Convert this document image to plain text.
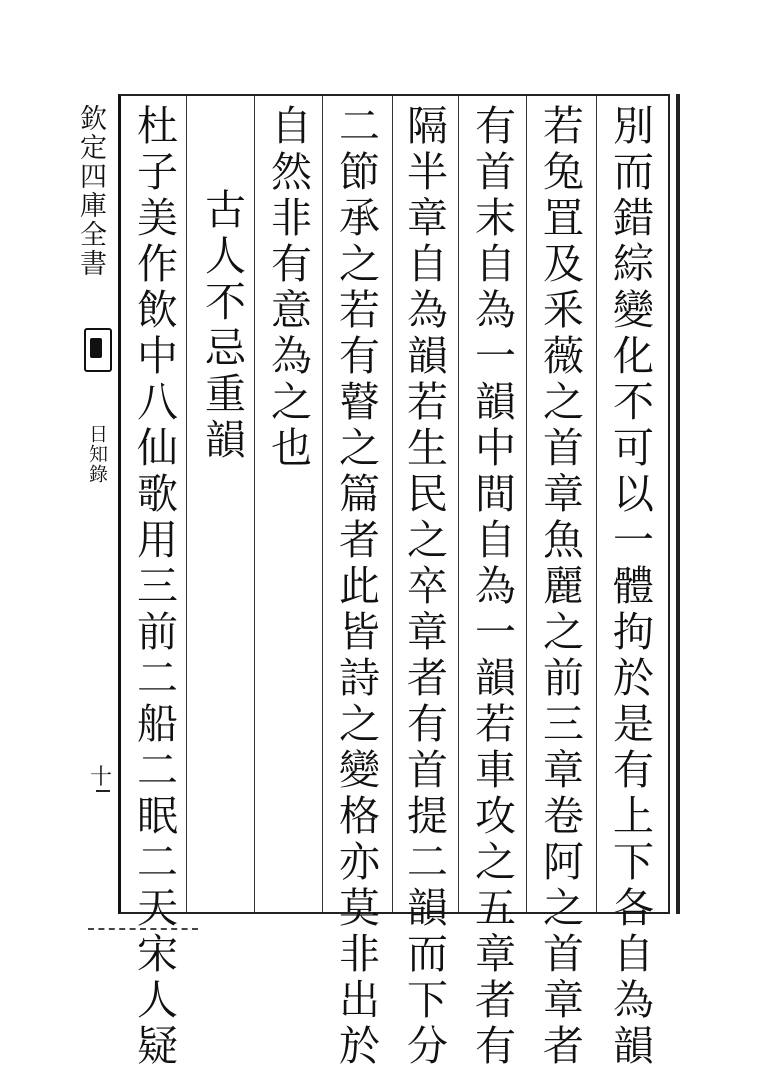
別而錯綜變化不可以一體拘於是有上下各自為韻
若兔罝及釆薇之首章魚麗之前三章卷阿之首章者
有首末自為一韻中間自為一韻若車攻之五章者有
隔半章自為韻若生民之卒章者有首提二韻而下分
二節承之若有瞽之篇者此皆詩之變格亦莫非出於
自然非有意為之也
古人不忌重韻
杜子美作飲中八仙歌用三前二船二眠二天宋人疑
欽定四庫全書
日知錄
十
